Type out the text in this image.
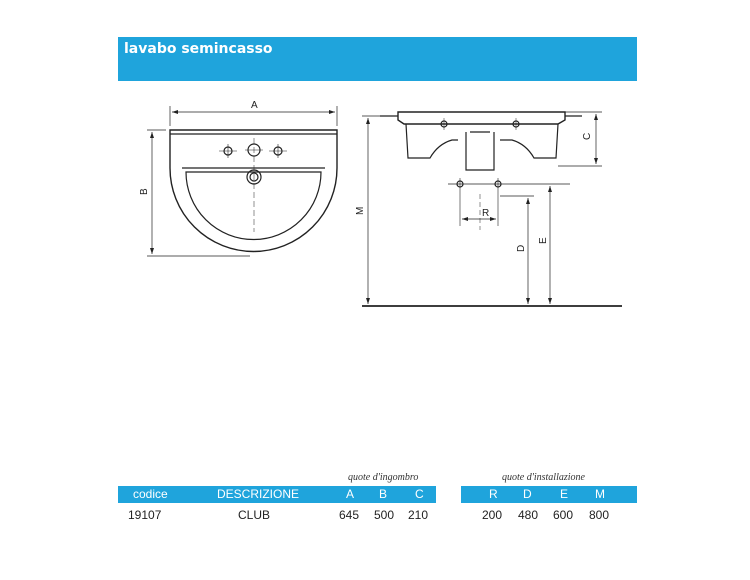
lavabo semincasso
A
B
C
M	R
D
E
quote d'ingombro	quote d'installazione
codice	DESCRIZIONE	A B C	R D E M
19107	CLUB	645 500 210	200 480 600 800
